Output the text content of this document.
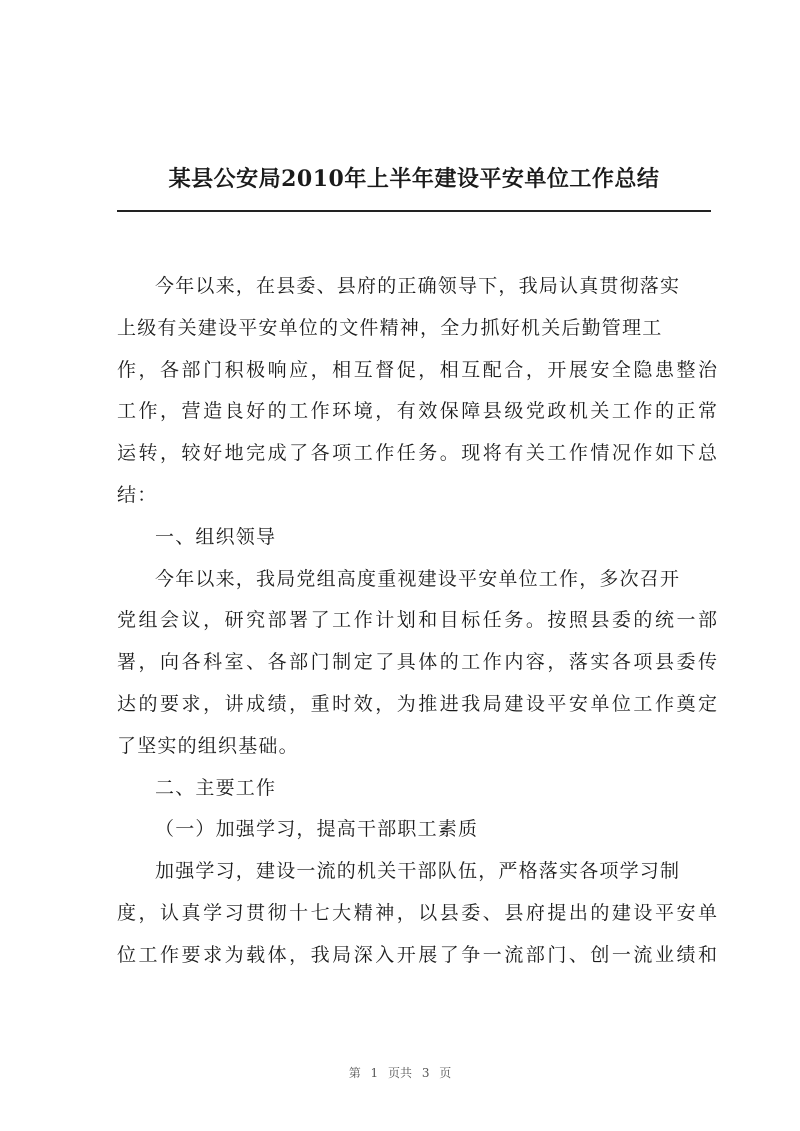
某县公安局2010年上半年建设平安单位工作总结
今年以来，在县委、县府的正确领导下，我局认真贯彻落实
上级有关建设平安单位的文件精神，全力抓好机关后勤管理工
作，各部门积极响应，相互督促，相互配合，开展安全隐患整治
工作，营造良好的工作环境，有效保障县级党政机关工作的正常
运转，较好地完成了各项工作任务。现将有关工作情况作如下总
结：
一、组织领导
今年以来，我局党组高度重视建设平安单位工作，多次召开
党组会议，研究部署了工作计划和目标任务。按照县委的统一部
署，向各科室、各部门制定了具体的工作内容，落实各项县委传
达的要求，讲成绩，重时效，为推进我局建设平安单位工作奠定
了坚实的组织基础。
二、主要工作
（一）加强学习，提高干部职工素质
加强学习，建设一流的机关干部队伍，严格落实各项学习制
度，认真学习贯彻十七大精神，以县委、县府提出的建设平安单
位工作要求为载体，我局深入开展了争一流部门、创一流业绩和
第 1 页共 3 页
